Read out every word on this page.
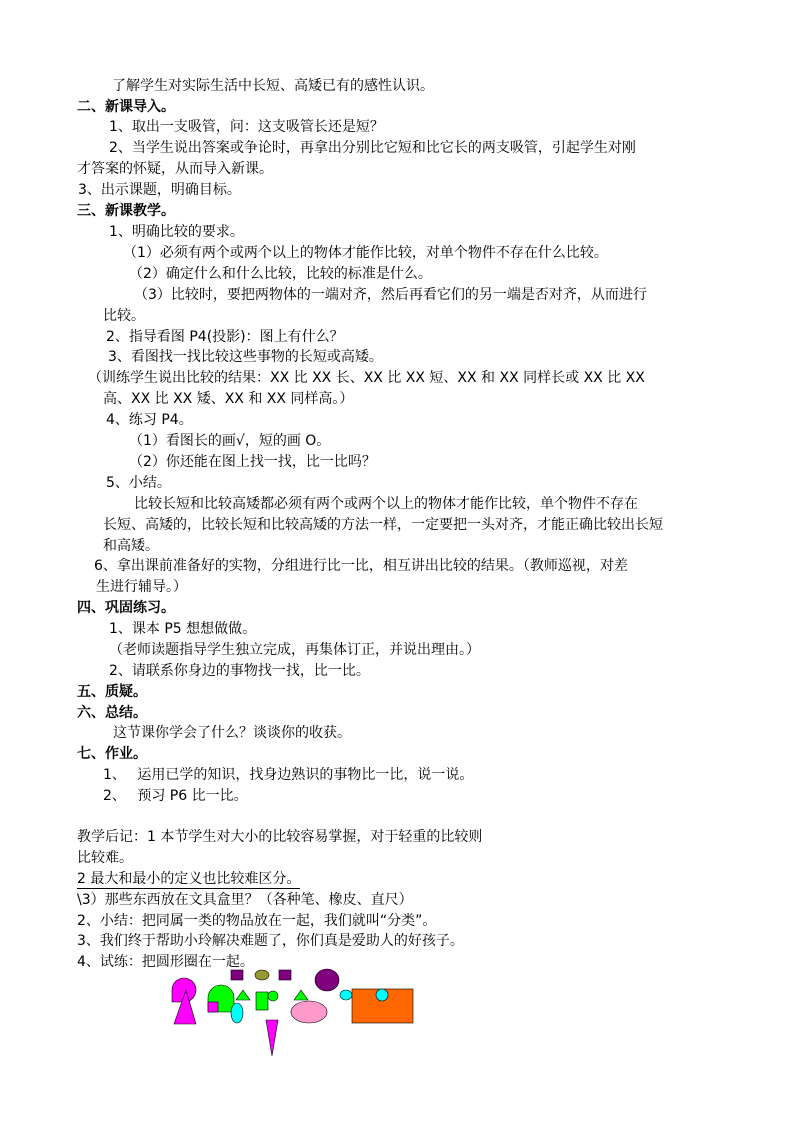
了解学生对实际生活中长短、高矮已有的感性认识。
二、新课导入。
1、取出一支吸管，问：这支吸管长还是短？
2、当学生说出答案或争论时，再拿出分别比它短和比它长的两支吸管，引起学生对刚
才答案的怀疑，从而导入新课。
3、出示课题，明确目标。
三、新课教学。
1、明确比较的要求。
（1）必须有两个或两个以上的物体才能作比较，对单个物件不存在什么比较。
（2）确定什么和什么比较，比较的标准是什么。
（3）比较时，要把两物体的一端对齐，然后再看它们的另一端是否对齐，从而进行
比较。
2、指导看图 P4(投影)：图上有什么？
3、看图找一找比较这些事物的长短或高矮。
（训练学生说出比较的结果：XX 比 XX 长、XX 比 XX 短、XX 和 XX 同样长或 XX 比 XX
高、XX 比 XX 矮、XX 和 XX 同样高。）
4、练习 P4。
（1）看图长的画√，短的画 O。
（2）你还能在图上找一找，比一比吗？
5、小结。
比较长短和比较高矮都必须有两个或两个以上的物体才能作比较，单个物件不存在
长短、高矮的，比较长短和比较高矮的方法一样，一定要把一头对齐，才能正确比较出长短
和高矮。
6、拿出课前准备好的实物，分组进行比一比，相互讲出比较的结果。（教师巡视，对差
生进行辅导。）
四、巩固练习。
1、课本 P5 想想做做。
（老师读题指导学生独立完成，再集体订正，并说出理由。）
2、请联系你身边的事物找一找，比一比。
五、质疑。
六、总结。
这节课你学会了什么？谈谈你的收获。
七、作业。
1、　 运用已学的知识，找身边熟识的事物比一比，说一说。
2、　 预习 P6 比一比。
教学后记：1 本节学生对大小的比较容易掌握，对于轻重的比较则
比较难。
2 最大和最小的定义也比较难区分。
\3）那些东西放在文具盒里？（各种笔、橡皮、直尺）
2、小结：把同属一类的物品放在一起，我们就叫“分类”。
3、我们终于帮助小玲解决难题了，你们真是爱助人的好孩子。
4、试练：把圆形圈在一起。
